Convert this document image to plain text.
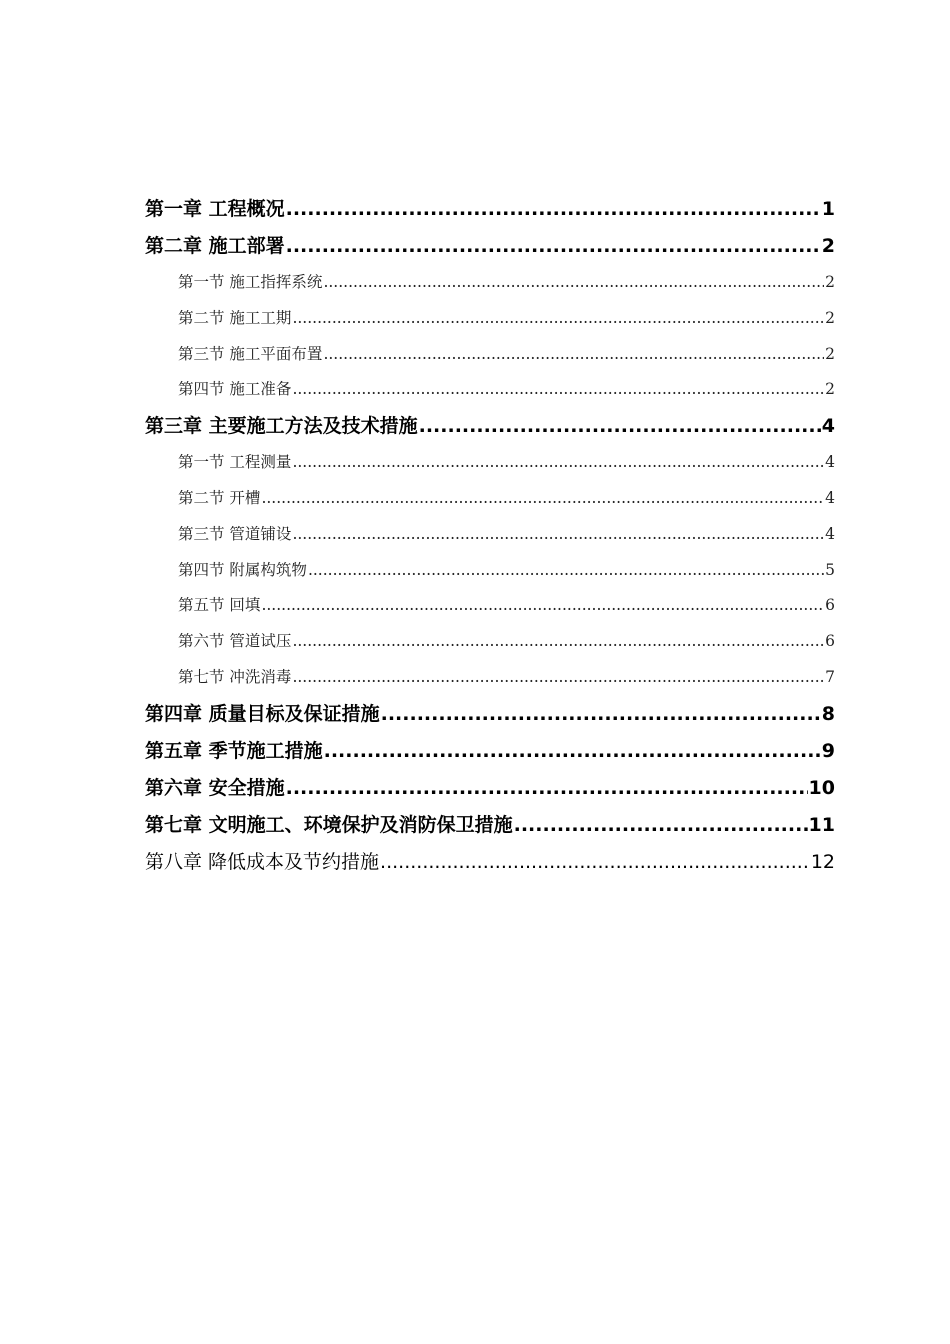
第一章 工程概况 .....	1
第二章 施工部署 .....	2
第一节 施工指挥系统 .....	2
第二节 施工工期 .....	2
第三节 施工平面布置 .....	2
第四节 施工准备 .....	2
第三章 主要施工方法及技术措施 .....	4
第一节 工程测量 .....	4
第二节 开槽 .....	4
第三节 管道铺设 .....	4
第四节 附属构筑物 .....	5
第五节 回填 .....	6
第六节 管道试压 .....	6
第七节 冲洗消毒 .....	7
第四章 质量目标及保证措施 .....	8
第五章 季节施工措施 .....	9
第六章 安全措施 .....	10
第七章 文明施工、环境保护及消防保卫措施 .....	11
第八章 降低成本及节约措施 .....	12
